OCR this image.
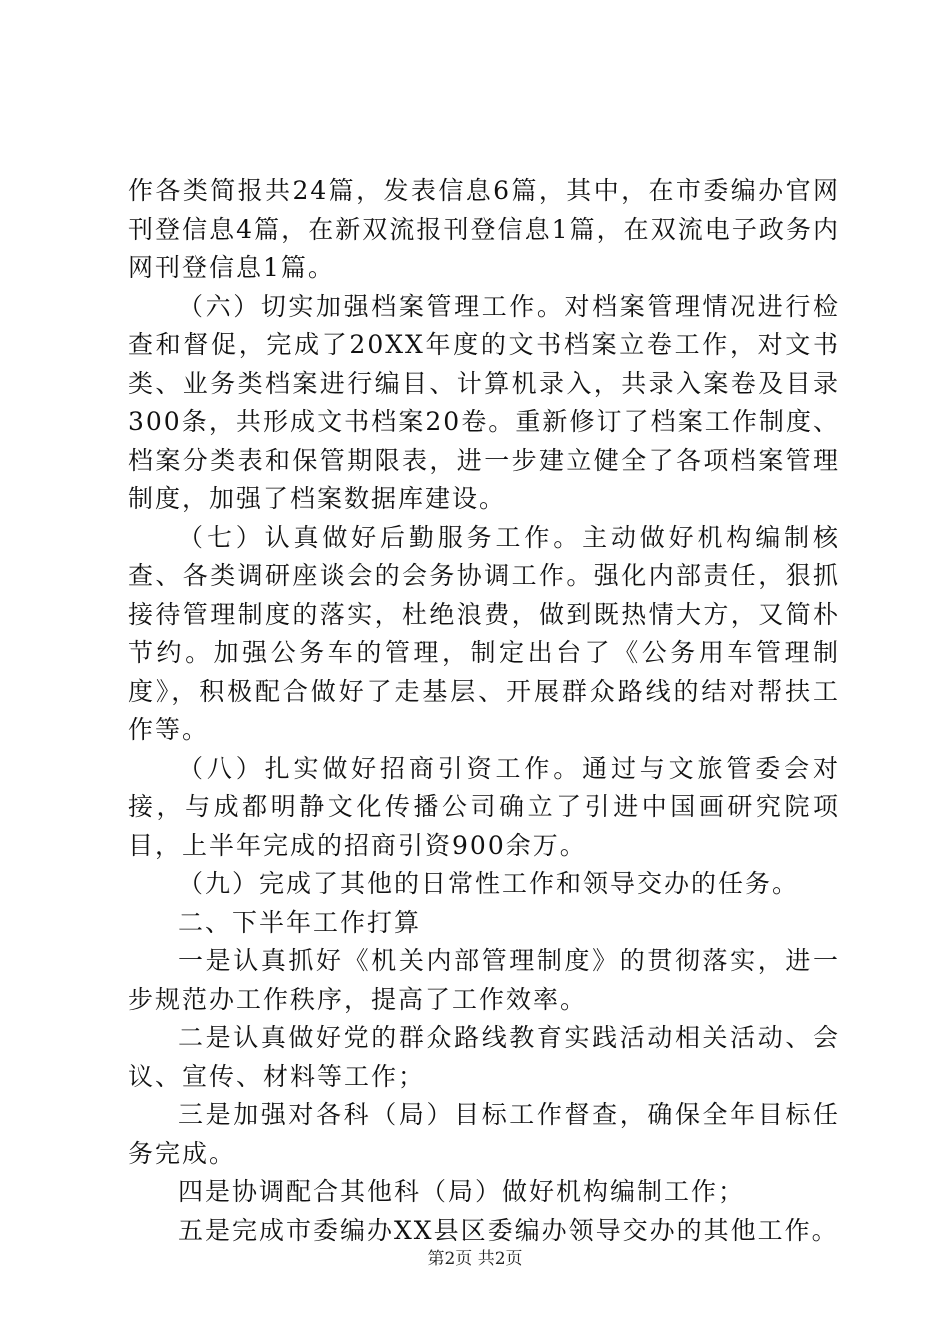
作各类简报共24篇，发表信息6篇，其中，在市委编办官网刊登信息4篇，在新双流报刊登信息1篇，在双流电子政务内网刊登信息1篇。

（六）切实加强档案管理工作。对档案管理情况进行检查和督促，完成了20XX年度的文书档案立卷工作，对文书类、业务类档案进行编目、计算机录入，共录入案卷及目录300条，共形成文书档案20卷。重新修订了档案工作制度、档案分类表和保管期限表，进一步建立健全了各项档案管理制度，加强了档案数据库建设。

（七）认真做好后勤服务工作。主动做好机构编制核查、各类调研座谈会的会务协调工作。强化内部责任，狠抓接待管理制度的落实，杜绝浪费，做到既热情大方，又简朴节约。加强公务车的管理，制定出台了《公务用车管理制度》，积极配合做好了走基层、开展群众路线的结对帮扶工作等。

（八）扎实做好招商引资工作。通过与文旅管委会对接，与成都明静文化传播公司确立了引进中国画研究院项目，上半年完成的招商引资900余万。

（九）完成了其他的日常性工作和领导交办的任务。

二、下半年工作打算

一是认真抓好《机关内部管理制度》的贯彻落实，进一步规范办工作秩序，提高了工作效率。

二是认真做好党的群众路线教育实践活动相关活动、会议、宣传、材料等工作；

三是加强对各科（局）目标工作督查，确保全年目标任务完成。

四是协调配合其他科（局）做好机构编制工作；

五是完成市委编办XX县区委编办领导交办的其他工作。

第2页 共2页
